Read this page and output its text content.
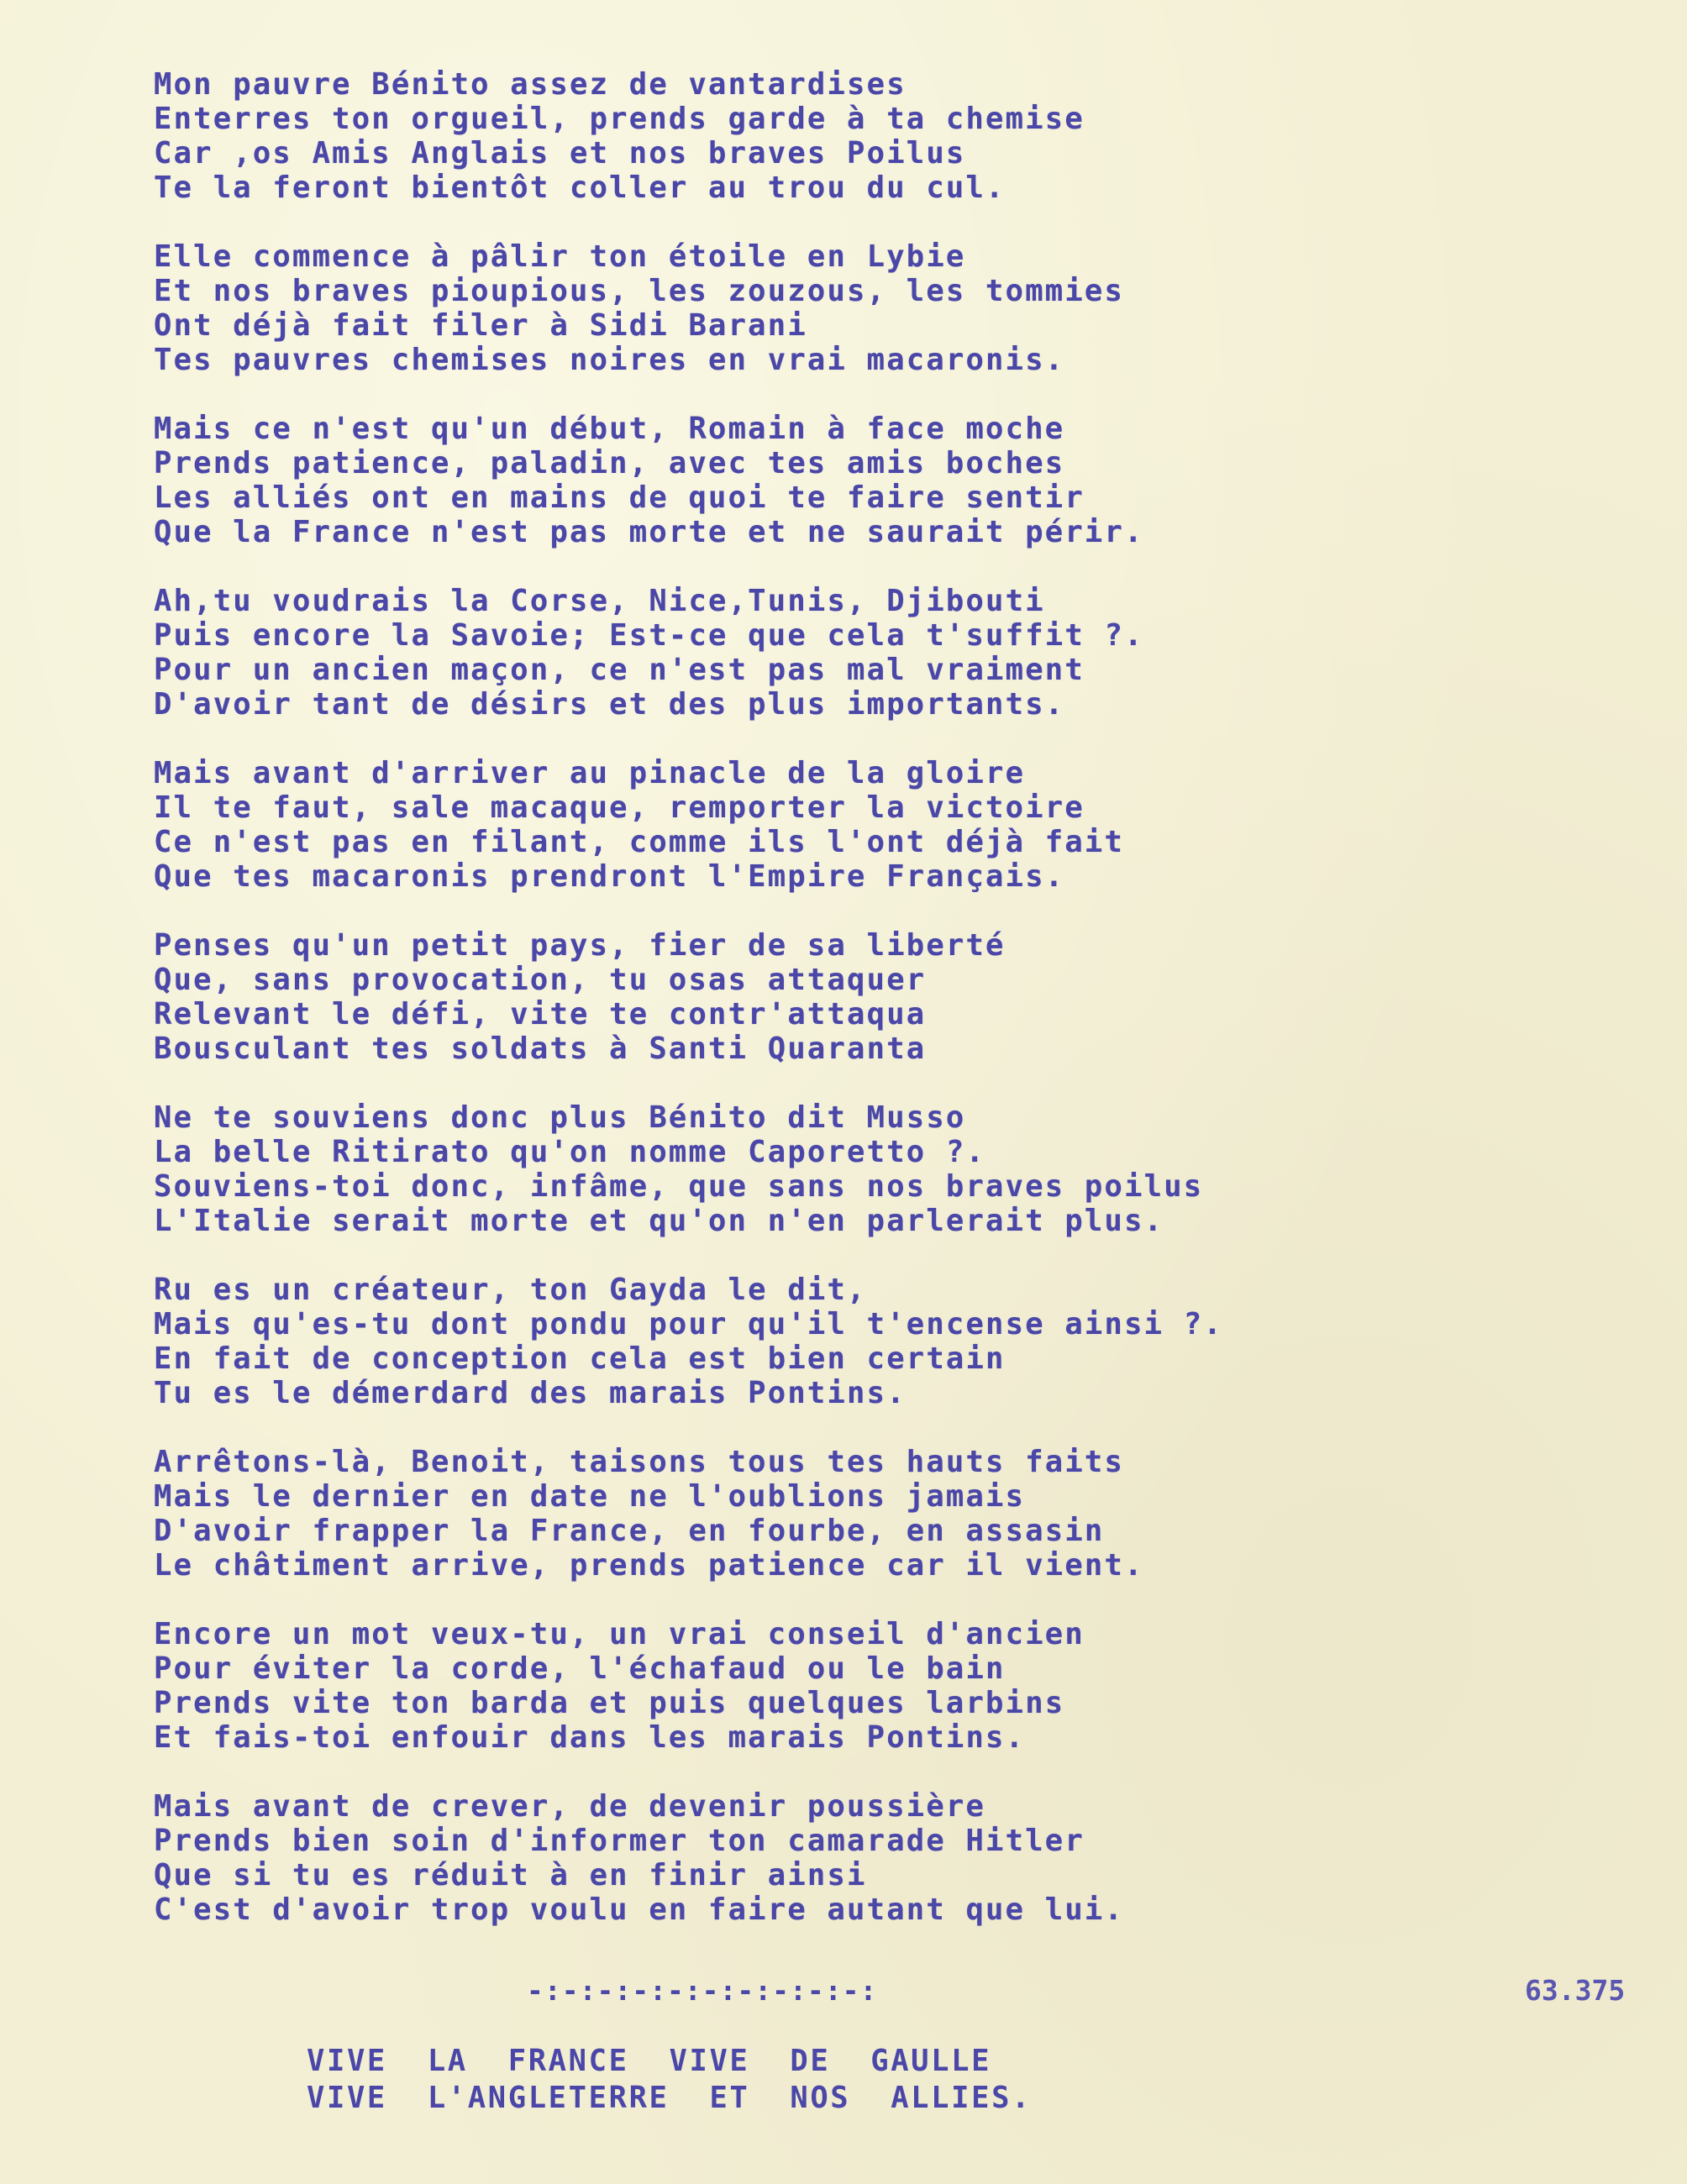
Mon pauvre Bénito assez de vantardises
Enterres ton orgueil, prends garde à ta chemise
Car ,os Amis Anglais et nos braves Poilus
Te la feront bientôt coller au trou du cul.
Elle commence à pâlir ton étoile en Lybie
Et nos braves pioupious, les zouzous, les tommies
Ont déjà fait filer à Sidi Barani
Tes pauvres chemises noires en vrai macaronis.
Mais ce n'est qu'un début, Romain à face moche
Prends patience, paladin, avec tes amis boches
Les alliés ont en mains de quoi te faire sentir
Que la France n'est pas morte et ne saurait périr.
Ah,tu voudrais la Corse, Nice,Tunis, Djibouti
Puis encore la Savoie; Est-ce que cela t'suffit ?.
Pour un ancien maçon, ce n'est pas mal vraiment
D'avoir tant de désirs et des plus importants.
Mais avant d'arriver au pinacle de la gloire
Il te faut, sale macaque, remporter la victoire
Ce n'est pas en filant, comme ils l'ont déjà fait
Que tes macaronis prendront l'Empire Français.
Penses qu'un petit pays, fier de sa liberté
Que, sans provocation, tu osas attaquer
Relevant le défi, vite te contr'attaqua
Bousculant tes soldats à Santi Quaranta
Ne te souviens donc plus Bénito dit Musso
La belle Ritirato qu'on nomme Caporetto ?.
Souviens-toi donc, infâme, que sans nos braves poilus
L'Italie serait morte et qu'on n'en parlerait plus.
Ru es un créateur, ton Gayda le dit,
Mais qu'es-tu dont pondu pour qu'il t'encense ainsi ?.
En fait de conception cela est bien certain
Tu es le démerdard des marais Pontins.
Arrêtons-là, Benoit, taisons tous tes hauts faits
Mais le dernier en date ne l'oublions jamais
D'avoir frapper la France, en fourbe, en assasin
Le châtiment arrive, prends patience car il vient.
Encore un mot veux-tu, un vrai conseil d'ancien
Pour éviter la corde, l'échafaud ou le bain
Prends vite ton barda et puis quelques larbins
Et fais-toi enfouir dans les marais Pontins.
Mais avant de crever, de devenir poussière
Prends bien soin d'informer ton camarade Hitler
Que si tu es réduit à en finir ainsi
C'est d'avoir trop voulu en faire autant que lui.
-:-:-:-:-:-:-:-:-:-:	63.375
VIVE  LA  FRANCE  VIVE  DE  GAULLE
VIVE  L'ANGLETERRE  ET  NOS  ALLIES.
